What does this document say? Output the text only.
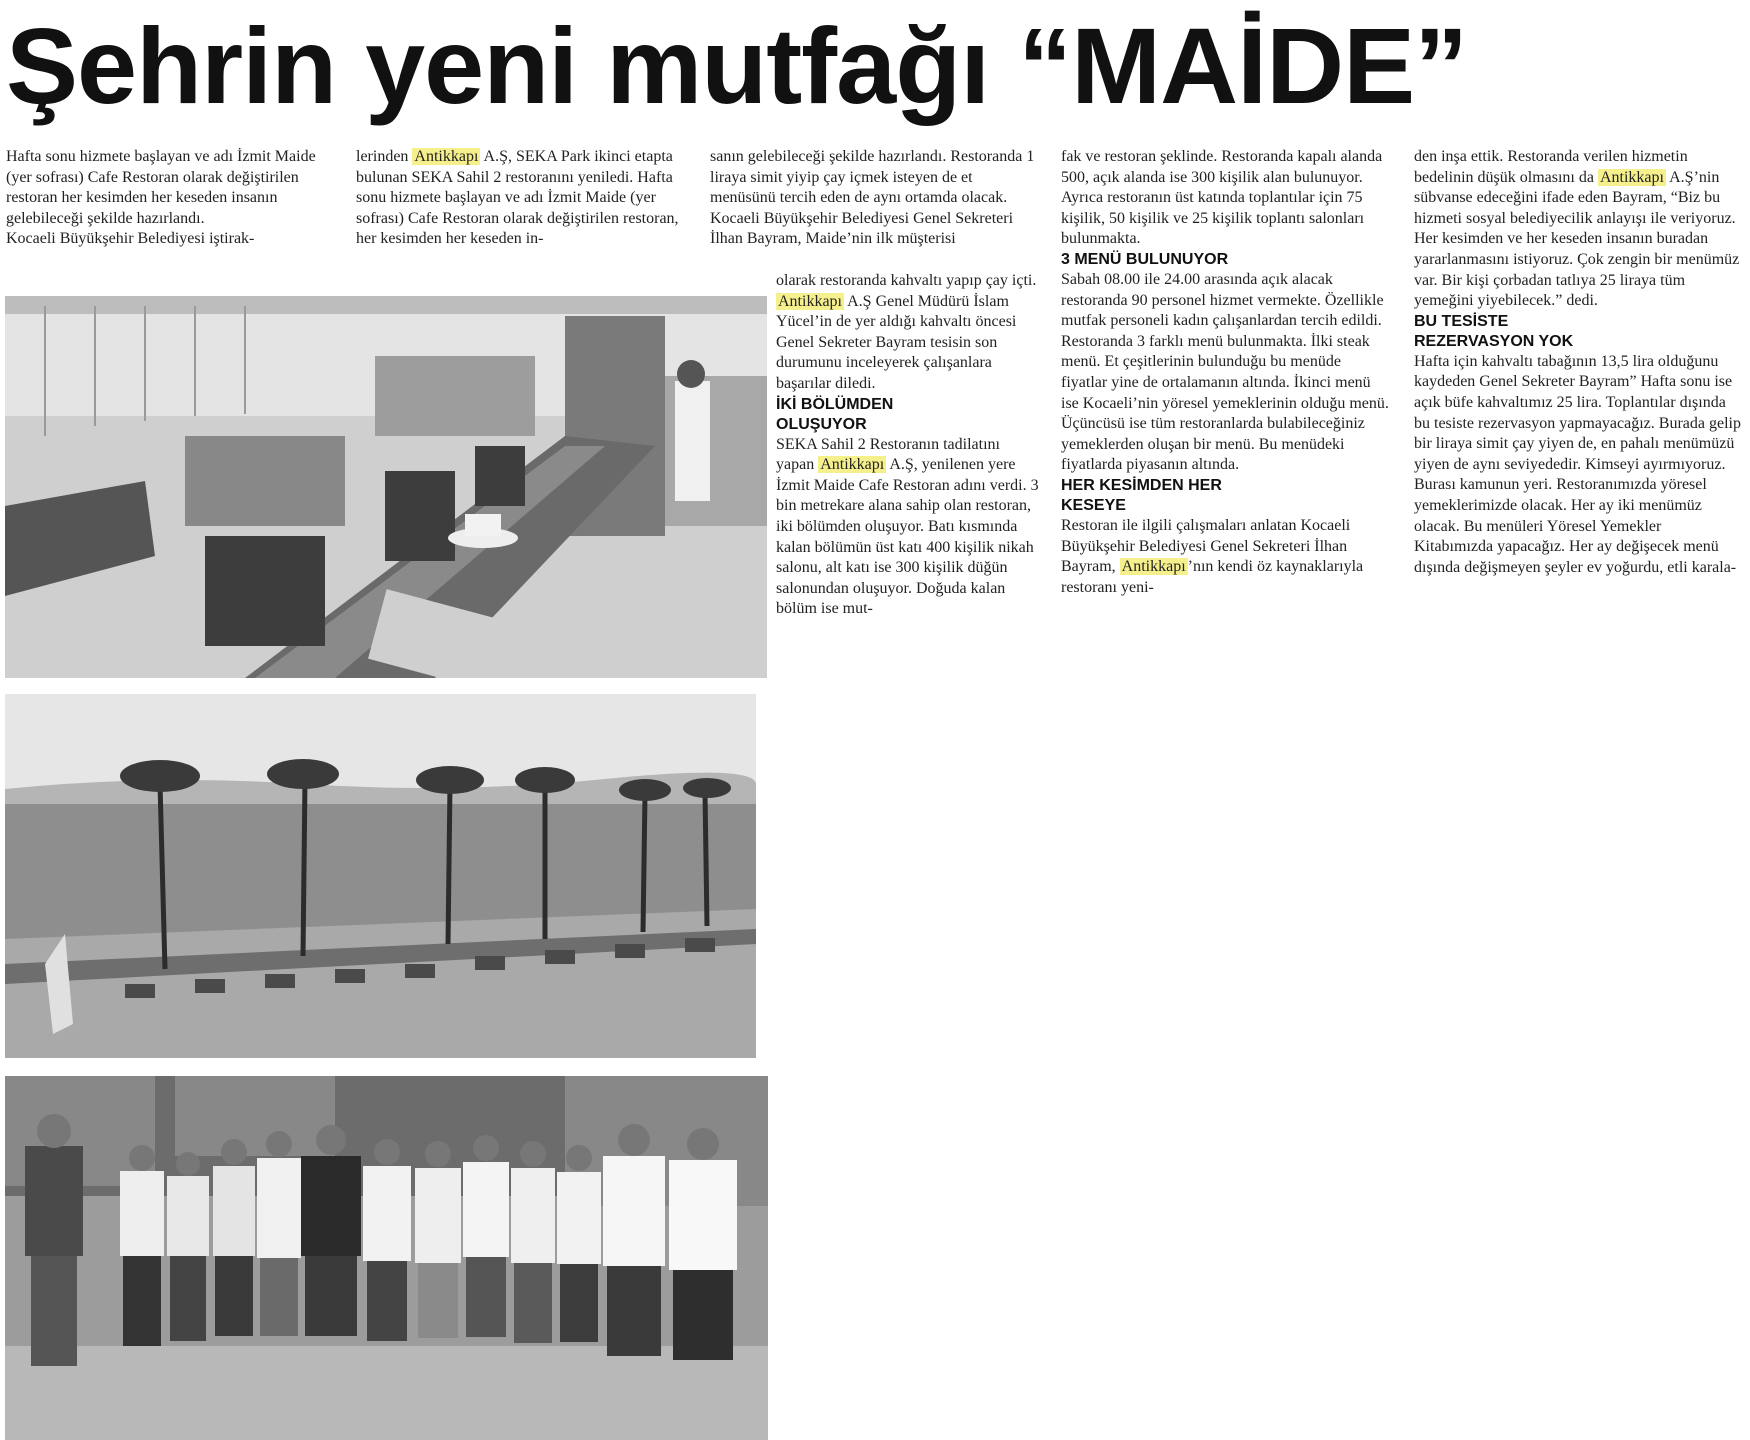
Şehrin yeni mutfağı “MAİDE”

Hafta sonu hizmete başlayan ve adı İzmit Maide (yer sofrası) Cafe Restoran olarak değiştirilen restoran her kesimden her keseden insanın gelebileceği şekilde hazırlandı.

Kocaeli Büyükşehir Belediyesi iştirak-

lerinden Antikkapı A.Ş, SEKA Park ikinci etapta bulunan SEKA Sahil 2 restoranını yeniledi. Hafta sonu hizmete başlayan ve adı İzmit Maide (yer sofrası) Cafe Restoran olarak değiştirilen restoran, her kesimden her keseden in-

sanın gelebileceği şekilde hazırlandı. Restoranda 1 liraya simit yiyip çay içmek isteyen de et menüsünü tercih eden de aynı ortamda olacak. Kocaeli Büyükşehir Belediyesi Genel Sekreteri İlhan Bayram, Maide’nin ilk müşterisi

olarak restoranda kahvaltı yapıp çay içti. Antikkapı A.Ş Genel Müdürü İslam Yücel’in de yer aldığı kahvaltı öncesi Genel Sekreter Bayram tesisin son durumunu inceleyerek çalışanlara başarılar diledi.

İKİ BÖLÜMDEN OLUŞUYOR

SEKA Sahil 2 Restoranın tadilatını yapan Antikkapı A.Ş, yenilenen yere İzmit Maide Cafe Restoran adını verdi. 3 bin metrekare alana sahip olan restoran, iki bölümden oluşuyor. Batı kısmında kalan bölümün üst katı 400 kişilik nikah salonu, alt katı ise 300 kişilik düğün salonundan oluşuyor. Doğuda kalan bölüm ise mut-

fak ve restoran şeklinde. Restoranda kapalı alanda 500, açık alanda ise 300 kişilik alan bulunuyor. Ayrıca restoranın üst katında toplantılar için 75 kişilik, 50 kişilik ve 25 kişilik toplantı salonları bulunmakta.

3 MENÜ BULUNUYOR

Sabah 08.00 ile 24.00 arasında açık alacak restoranda 90 personel hizmet vermekte. Özellikle mutfak personeli kadın çalışanlardan tercih edildi. Restoranda 3 farklı menü bulunmakta. İlki steak menü. Et çeşitlerinin bulunduğu bu menüde fiyatlar yine de ortalamanın altında. İkinci menü ise Kocaeli’nin yöresel yemeklerinin olduğu menü. Üçüncüsü ise tüm restoranlarda bulabileceğiniz yemeklerden oluşan bir menü. Bu menüdeki fiyatlarda piyasanın altında.

HER KESİMDEN HER KESEYE

Restoran ile ilgili çalışmaları anlatan Kocaeli Büyükşehir Belediyesi Genel Sekreteri İlhan Bayram, Antikkapı ’nın kendi öz kaynaklarıyla restoranı yeni-

den inşa ettik. Restoranda verilen hizmetin bedelinin düşük olmasını da Antikkapı A.Ş’nin sübvanse edeceğini ifade eden Bayram, “Biz bu hizmeti sosyal belediyecilik anlayışı ile veriyoruz. Her kesimden ve her keseden insanın buradan yararlanmasını istiyoruz. Çok zengin bir menümüz var. Bir kişi çorbadan tatlıya 25 liraya tüm yemeğini yiyebilecek.” dedi.

BU TESİSTE REZERVASYON YOK

Hafta için kahvaltı tabağının 13,5 lira olduğunu kaydeden Genel Sekreter Bayram” Hafta sonu ise açık büfe kahvaltımız 25 lira. Toplantılar dışında bu tesiste rezervasyon yapmayacağız. Burada gelip bir liraya simit çay yiyen de, en pahalı menümüzü yiyen de aynı seviyededir. Kimseyi ayırmıyoruz. Burası kamunun yeri. Restoranımızda yöresel yemeklerimizde olacak. Her ay iki menümüz olacak. Bu menüleri Yöresel Yemekler Kitabımızda yapacağız. Her ay değişecek menü dışında değişmeyen şeyler ev yoğurdu, etli karala-
